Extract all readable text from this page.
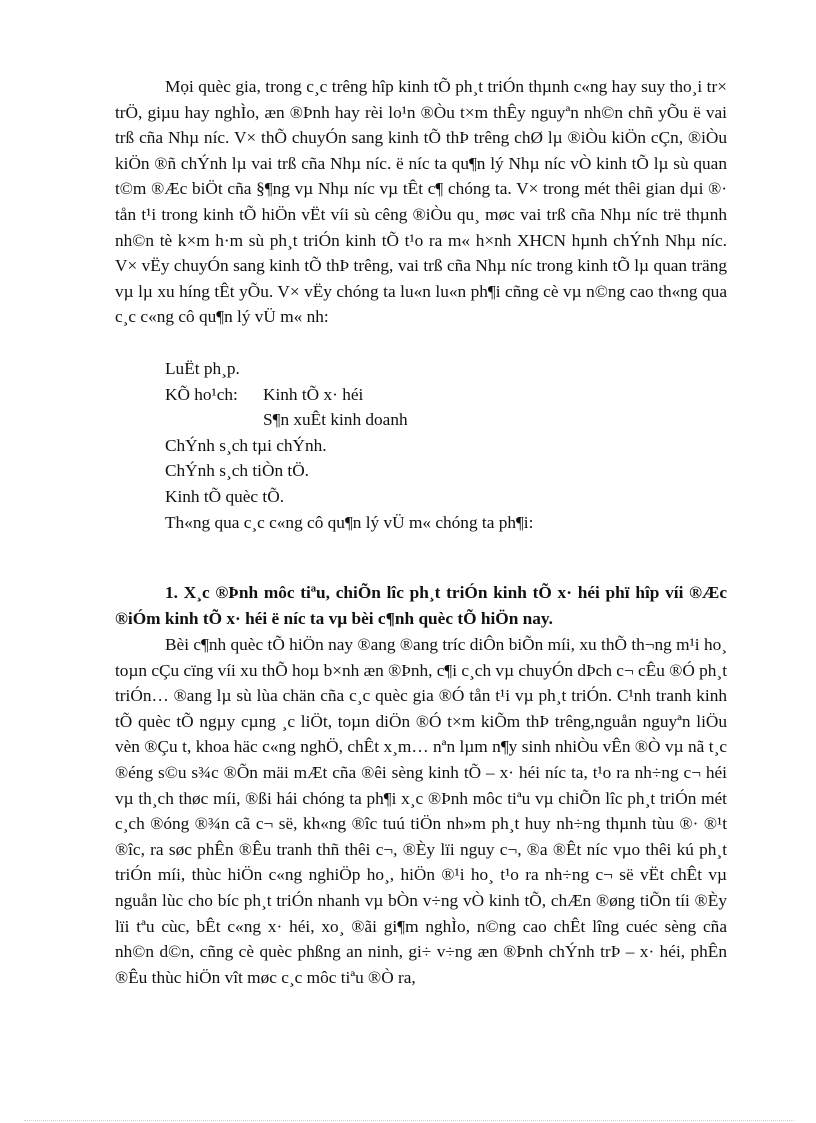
Mọi quèc gia, trong c¸c trêng hîp kinh tÕ ph¸t triÓn thµnh c«ng hay suy tho¸i tr× trÖ, giµu hay nghÌo, æn ®Þnh hay rèi lo¹n ®Òu t×m thÊy nguyªn nh©n chñ yÕu ë vai trß cña Nhµ níc. V× thÕ chuyÓn sang kinh tÕ thÞ trêng chØ lµ ®iÒu kiÖn cÇn, ®iÒu kiÖn ®ñ chÝnh lµ vai trß cña Nhµ níc. ë níc ta qu¶n lý Nhµ níc vÒ kinh tÕ lµ sù quan t©m ®Æc biÖt cña §¶ng vµ Nhµ níc vµ tÊt c¶ chóng ta. V× trong mét thêi gian dµi ®· tån t¹i trong kinh tÕ hiÖn vËt víi sù cêng ®iÒu qu¸ møc vai trß cña Nhµ níc trë thµnh nh©n tè k×m h·m sù ph¸t triÓn kinh tÕ t¹o ra m« h×nh XHCN hµnh chÝnh Nhµ níc. V× vËy chuyÓn sang kinh tÕ thÞ trêng, vai trß cña Nhµ níc trong kinh tÕ lµ quan träng vµ lµ xu híng tÊt yÕu. V× vËy chóng ta lu«n lu«n ph¶i cñng cè vµ n©ng cao th«ng qua c¸c c«ng cô qu¶n lý vÜ m« nh:

LuËt ph¸p.
KÕ ho¹ch: Kinh tÕ x· héi
S¶n xuÊt kinh doanh
ChÝnh s¸ch tµi chÝnh.
ChÝnh s¸ch tiÒn tÖ.
Kinh tÕ quèc tÕ.
Th«ng qua c¸c c«ng cô qu¶n lý vÜ m« chóng ta ph¶i:

1. X¸c ®Þnh môc tiªu, chiÕn lîc ph¸t triÓn kinh tÕ x· héi phï hîp víi ®Æc ®iÓm kinh tÕ x· héi ë níc ta vµ bèi c¶nh quèc tÕ hiÖn nay.

Bèi c¶nh quèc tÕ hiÖn nay ®ang ®ang tríc diÔn biÕn míi, xu thÕ th¬ng m¹i ho¸ toµn cÇu cïng víi xu thÕ hoµ b×nh æn ®Þnh, c¶i c¸ch vµ chuyÓn dÞch c¬ cÊu ®Ó ph¸t triÓn… ®ang lµ sù lùa chän cña c¸c quèc gia ®Ó tån t¹i vµ ph¸t triÓn. C¹nh tranh kinh tÕ quèc tÕ ngµy cµng ¸c liÖt, toµn diÖn ®Ó t×m kiÕm thÞ trêng,nguån nguyªn liÖu vèn ®Çu t, khoa häc c«ng nghÖ, chÊt x¸m… nªn lµm n¶y sinh nhiÒu vÊn ®Ò vµ nã t¸c ®éng s©u s¾c ®Õn mäi mÆt cña ®êi sèng kinh tÕ – x· héi níc ta, t¹o ra nh÷ng c¬ héi vµ th¸ch thøc míi, ®ßi hái chóng ta ph¶i x¸c ®Þnh môc tiªu vµ chiÕn lîc ph¸t triÓn mét c¸ch ®óng ®¾n cã c¬ së, kh«ng ®îc tuú tiÖn nh»m ph¸t huy nh÷ng thµnh tùu ®· ®¹t ®îc, ra søc phÊn ®Êu tranh thñ thêi c¬, ®Èy lïi nguy c¬, ®a ®Êt níc vµo thêi kú ph¸t triÓn míi, thùc hiÖn c«ng nghiÖp ho¸, hiÖn ®¹i ho¸ t¹o ra nh÷ng c¬ së vËt chÊt vµ nguån lùc cho bíc ph¸t triÓn nhanh vµ bÒn v÷ng vÒ kinh tÕ, chÆn ®øng tiÕn tíi ®Èy lïi tªu cùc, bÊt c«ng x· héi, xo¸ ®ãi gi¶m nghÌo, n©ng cao chÊt lîng cuéc sèng cña nh©n d©n, cñng cè quèc phßng an ninh, gi÷ v÷ng æn ®Þnh chÝnh trÞ – x· héi, phÊn ®Êu thùc hiÖn vît møc c¸c môc tiªu ®Ò ra,
